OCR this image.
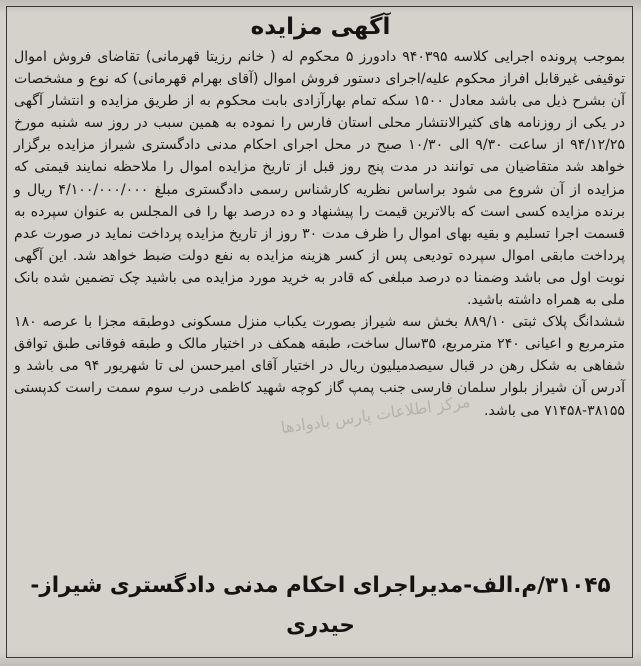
آگهی مزایده

بموجب پرونده اجرایی کلاسه ۹۴۰۳۹۵ دادورز ۵ محکوم له ( خانم رزیتا قهرمانی) تقاضای فروش اموال توقیفی غیرقابل افراز محکوم علیه/اجرای دستور فروش اموال (آقای بهرام قهرمانی) که نوع و مشخصات آن بشرح ذیل می باشد معادل ۱۵۰۰ سکه تمام بهارآزادی بابت محکوم به از طریق مزایده و انتشار آگهی در یکی از روزنامه های کثیرالانتشار محلی استان فارس را نموده به همین سبب در روز سه شنبه مورخ ۹۴/۱۲/۲۵ از ساعت ۹/۳۰ الی ۱۰/۳۰ صبح در محل اجرای احکام مدنی دادگستری شیراز مزایده برگزار خواهد شد متقاضیان می توانند در مدت پنج روز قبل از تاریخ مزایده اموال را ملاحظه نمایند قیمتی که مزایده از آن شروع می شود براساس نظریه کارشناس رسمی دادگستری مبلغ ۴/۱۰۰/۰۰۰/۰۰۰ ریال و برنده مزایده کسی است که بالاترین قیمت را پیشنهاد و ده درصد بها را فی المجلس به عنوان سپرده به قسمت اجرا تسلیم و بقیه بهای اموال را ظرف مدت ۳۰ روز از تاریخ مزایده پرداخت نماید در صورت عدم پرداخت مابقی اموال سپرده تودیعی پس از کسر هزینه مزایده به نفع دولت ضبط خواهد شد. این آگهی نوبت اول می باشد وضمنا ده درصد مبلغی که قادر به خرید مورد مزایده می باشید چک تضمین شده بانک ملی به همراه داشته باشید.

ششدانگ پلاک ثبتی ۸۸۹/۱۰ بخش سه شیراز بصورت یکباب منزل مسکونی دوطبقه مجزا با عرصه ۱۸۰ مترمربع و اعیانی ۲۴۰ مترمربع، ۳۵سال ساخت، طبقه همکف در اختیار مالک و طبقه فوقانی طبق توافق شفاهی به شکل رهن در قبال سیصدمیلیون ریال در اختیار آقای امیرحسن لی تا شهریور ۹۴ می باشد و آدرس آن شیراز بلوار سلمان فارسی جنب پمپ گاز کوچه شهید کاظمی درب سوم سمت راست کدپستی ۳۸۱۵۵-۷۱۴۵۸ می باشد.

مرکز اطلاعات پارس بادوادها
۳۱۰۴۵/م.الف-مدیراجرای احکام مدنی دادگستری شیراز-
حیدری
